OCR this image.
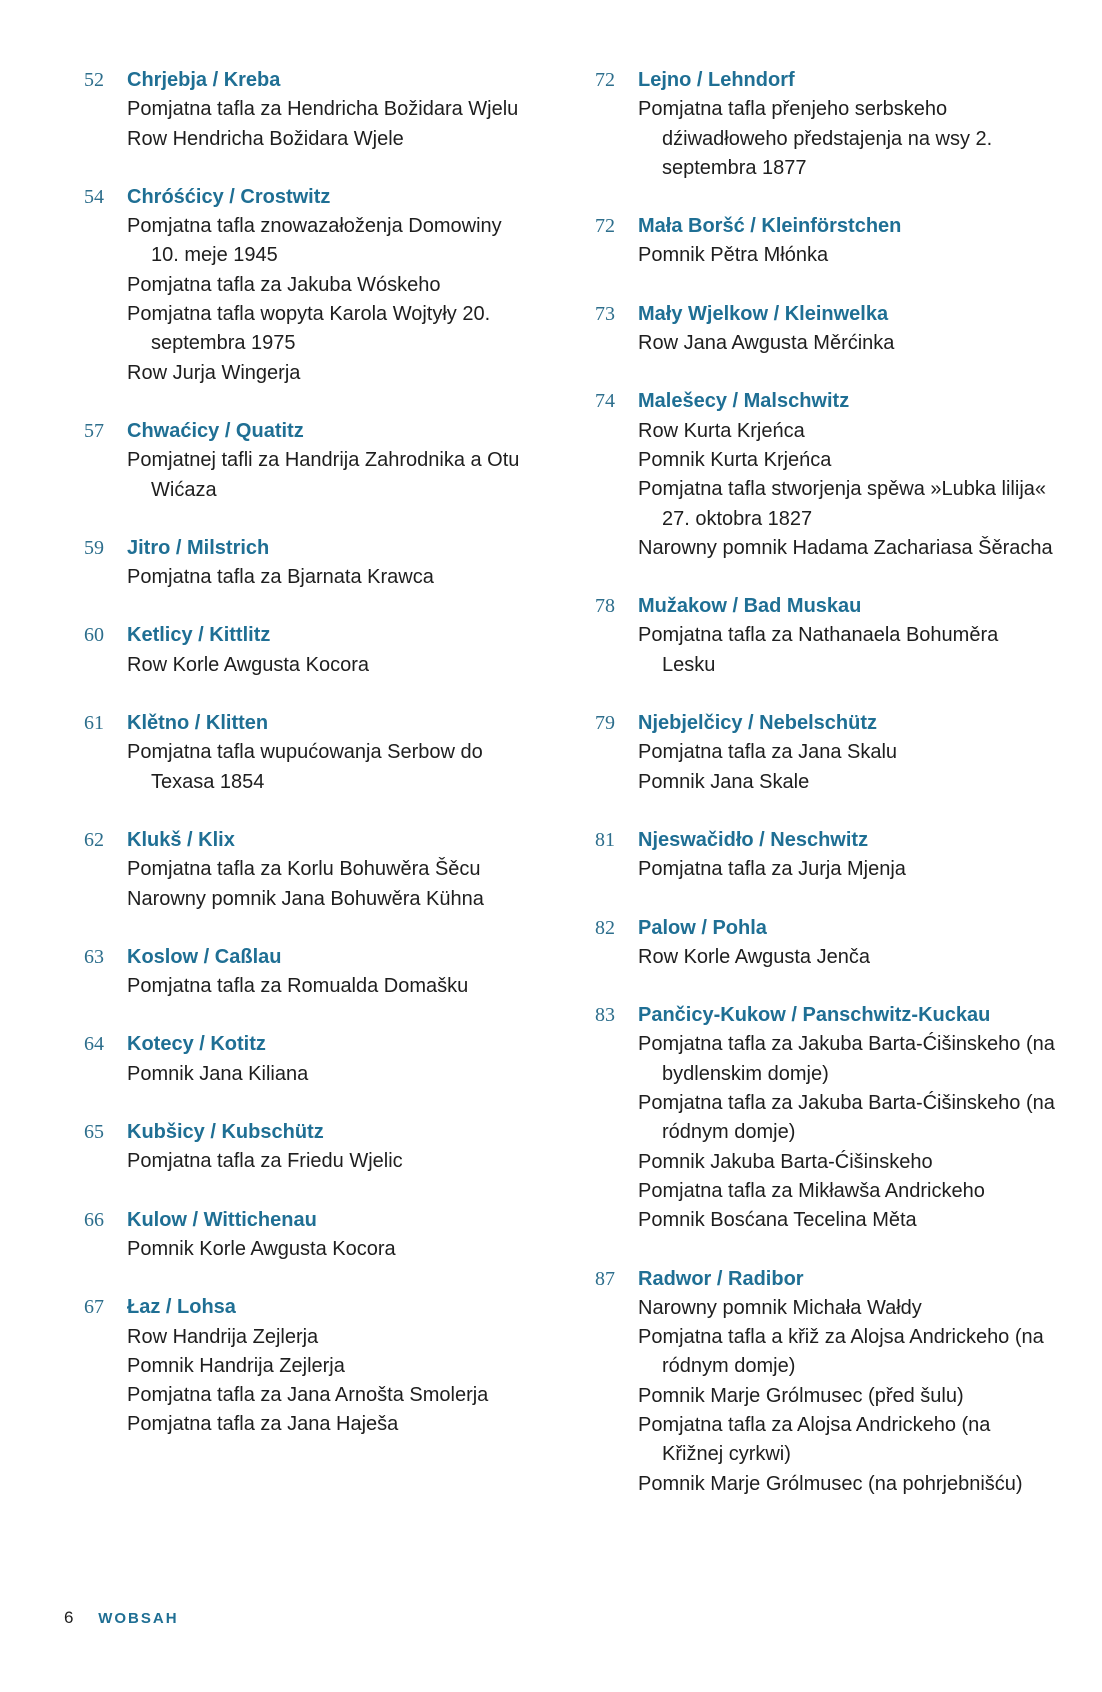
52 Chrjebja / Kreba
Pomjatna tafla za Hendricha Božidara Wjelu
Row Hendricha Božidara Wjele
54 Chróśćicy / Crostwitz
Pomjatna tafla znowazałoženja Domowiny 10. meje 1945
Pomjatna tafla za Jakuba Wóskeho
Pomjatna tafla wopyta Karola Wojtyły 20. septembra 1975
Row Jurja Wingerja
57 Chwaćicy / Quatitz
Pomjatnej tafli za Handrija Zahrodnika a Otu Wićaza
59 Jitro / Milstrich
Pomjatna tafla za Bjarnata Krawca
60 Ketlicy / Kittlitz
Row Korle Awgusta Kocora
61 Klětno / Klitten
Pomjatna tafla wupućowanja Serbow do Texasa 1854
62 Klukš / Klix
Pomjatna tafla za Korlu Bohuwěra Šěcu
Narowny pomnik Jana Bohuwěra Kühna
63 Koslow / Caßlau
Pomjatna tafla za Romualda Domašku
64 Kotecy / Kotitz
Pomnik Jana Kiliana
65 Kubšicy / Kubschütz
Pomjatna tafla za Friedu Wjelic
66 Kulow / Wittichenau
Pomnik Korle Awgusta Kocora
67 Łaz / Lohsa
Row Handrija Zejlerja
Pomnik Handrija Zejlerja
Pomjatna tafla za Jana Arnošta Smolerja
Pomjatna tafla za Jana Haješa
72 Lejno / Lehndorf
Pomjatna tafla přenjeho serbskeho dźiwadłoweho předstajenja na wsy 2. septembra 1877
72 Mała Boršć / Kleinförstchen
Pomnik Pětra Młónka
73 Mały Wjelkow / Kleinwelka
Row Jana Awgusta Měrćinka
74 Malešecy / Malschwitz
Row Kurta Krjeńca
Pomnik Kurta Krjeńca
Pomjatna tafla stworjenja spěwa »Lubka lilija« 27. oktobra 1827
Narowny pomnik Hadama Zachariasa Šěracha
78 Mužakow / Bad Muskau
Pomjatna tafla za Nathanaela Bohuměra Lesku
79 Njebjelčicy / Nebelschütz
Pomjatna tafla za Jana Skalu
Pomnik Jana Skale
81 Njeswačidło / Neschwitz
Pomjatna tafla za Jurja Mjenja
82 Palow / Pohla
Row Korle Awgusta Jenča
83 Pančicy-Kukow / Panschwitz-Kuckau
Pomjatna tafla za Jakuba Barta-Ćišinskeho (na bydlenskim domje)
Pomjatna tafla za Jakuba Barta-Ćišinskeho (na ródnym domje)
Pomnik Jakuba Barta-Ćišinskeho
Pomjatna tafla za Mikławša Andrickeho
Pomnik Bosćana Tecelina Měta
87 Radwor / Radibor
Narowny pomnik Michała Wałdy
Pomjatna tafla a křiž za Alojsa Andrickeho (na ródnym domje)
Pomnik Marje Grólmusec (před šulu)
Pomjatna tafla za Alojsa Andrickeho (na Křižnej cyrkwi)
Pomnik Marje Grólmusec (na pohrjebnišću)
6 WOBSAH
